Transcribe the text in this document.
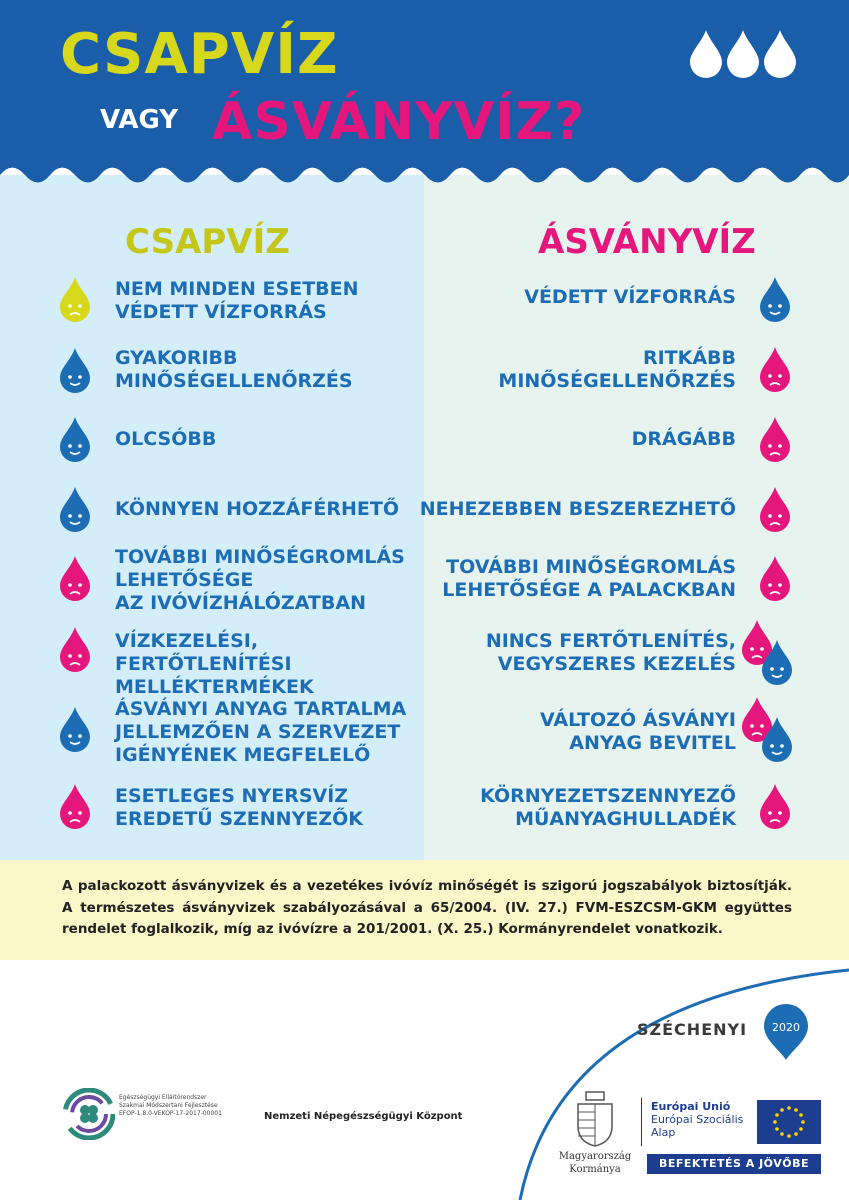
CSAPVÍZ
VAGY ÁSVÁNYVÍZ?
CSAPVÍZ	ÁSVÁNYVÍZ
NEM MINDEN ESETBEN
VÉDETT VÍZFORRÁS
GYAKORIBB
MINŐSÉGELLENŐRZÉS
OLCSÓBB
KÖNNYEN HOZZÁFÉRHETŐ
TOVÁBBI MINŐSÉGROMLÁS
LEHETŐSÉGE
AZ IVÓVÍZHÁLÓZATBAN
VÍZKEZELÉSI, FERTŐTLENÍTÉSI
MELLÉKTERMÉKEK
ÁSVÁNYI ANYAG TARTALMA
JELLEMZŐEN A SZERVEZET
IGÉNYÉNEK MEGFELELŐ
ESETLEGES NYERSVÍZ
EREDETŰ SZENNYEZŐK
VÉDETT VÍZFORRÁS
RITKÁBB
MINŐSÉGELLENŐRZÉS
DRÁGÁBB
NEHEZEBBEN BESZEREZHETŐ
TOVÁBBI MINŐSÉGROMLÁS
LEHETŐSÉGE A PALACKBAN
NINCS FERTŐTLENÍTÉS,
VEGYSZERES KEZELÉS
VÁLTOZÓ ÁSVÁNYI
ANYAG BEVITEL
KÖRNYEZETSZENNYEZŐ
MŰANYAGHULLADÉK

A palackozott ásványvizek és a vezetékes ivóvíz minőségét is szigorú jogszabályok biztosítják. A természetes ásványvizek szabályozásával a 65/2004. (IV. 27.) FVM-ESZCSM-GKM együttes rendelet foglalkozik, míg az ivóvízre a 201/2001. (X. 25.) Kormányrendelet vonatkozik.

SZÉCHENYI 2020
Egészségügyi Elláitórendszer
Szakmai Módszertani Fejlesztése
EFOP-1.8.0-VEKOP-17-2017-00001	Nemzeti Népegészségügyi Központ
Magyarország
Kormánya
Európai Unió
Európai Szociális
Alap
BEFEKTETÉS A JÖVŐBE
